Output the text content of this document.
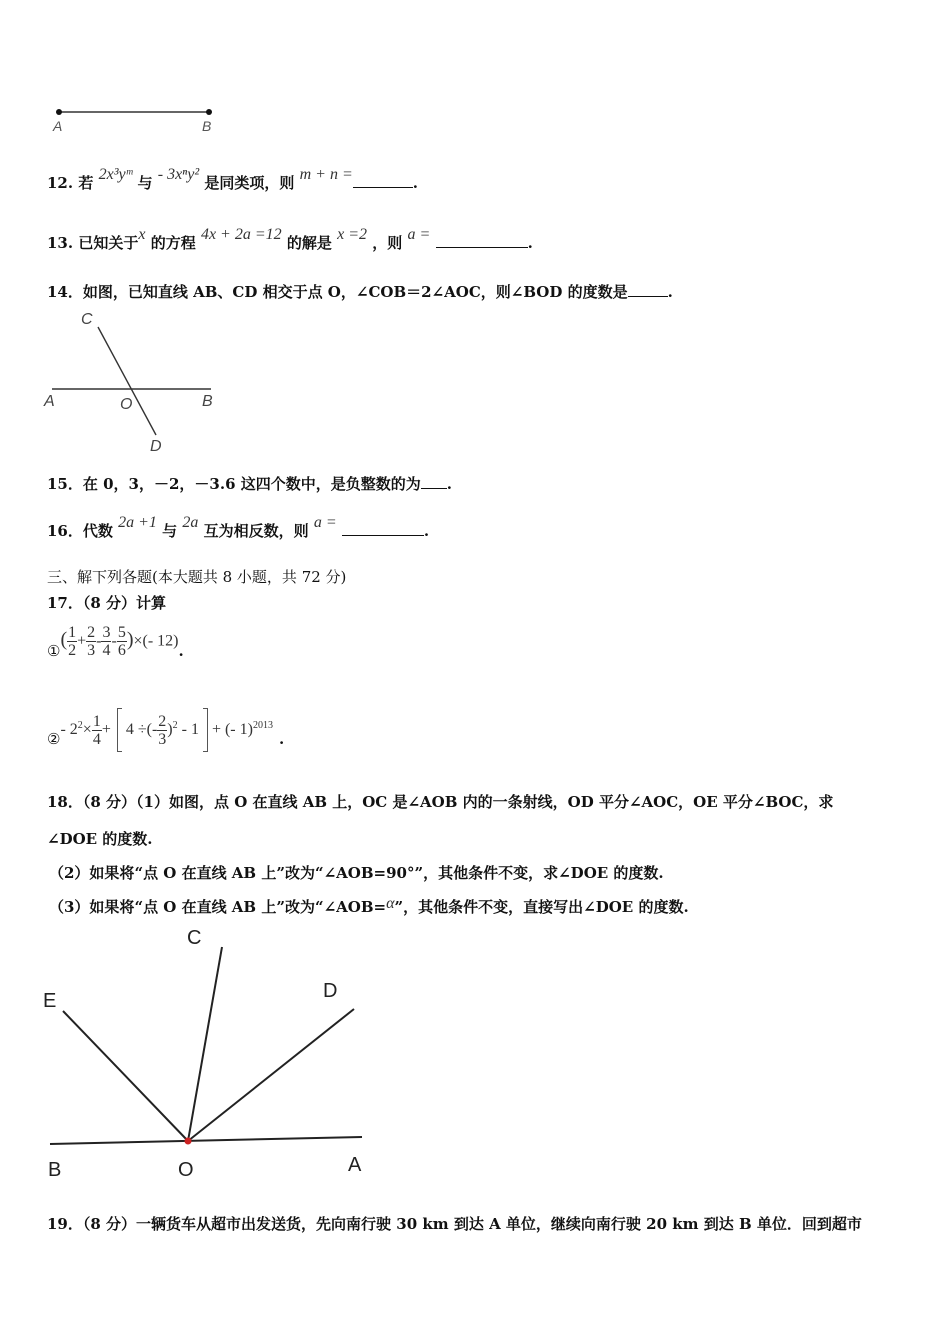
A	B
12. 若 2x³yᵐ 与 - 3xⁿy² 是同类项，则 m + n =	.
13. 已知关于x 的方程 4x + 2a =12 的解是 x =2 ，则 a =	.
14．如图，已知直线 AB、CD 相交于点 O，∠COB＝2∠AOC，则∠BOD 的度数是	.
C
A	O	B
D
15．在 0，3，－2，－3.6 这四个数中，是负整数的为 .
16．代数 2a +1 与 2a 互为相反数，则 a =	.
三、解下列各题(本大题共 8 小题，共 72 分)
17．（8 分）计算
①( $\frac{1}{2} + \frac{2}{3} - \frac{3}{4} - \frac{5}{6}$ )×(- 12).
②- $2^2\times \frac{1}{4} + 4$ ÷(- $\frac{2}{3} )^2 - 1$ + (- 1)$^{2013}$.
18．（8 分）（1）如图，点 O 在直线 AB 上，OC 是∠AOB 内的一条射线，OD 平分∠AOC，OE 平分∠BOC，求
∠DOE 的度数.
（2）如果将“点 O 在直线 AB 上”改为“∠AOB=90°”，其他条件不变，求∠DOE 的度数.
（3）如果将“点 O 在直线 AB 上”改为“∠AOB=α”，其他条件不变，直接写出∠DOE 的度数.
C
E	D
B	O	A
19．（8 分）一辆货车从超市出发送货，先向南行驶 30 km 到达 A 单位，继续向南行驶 20 km 到达 B 单位．回到超市
